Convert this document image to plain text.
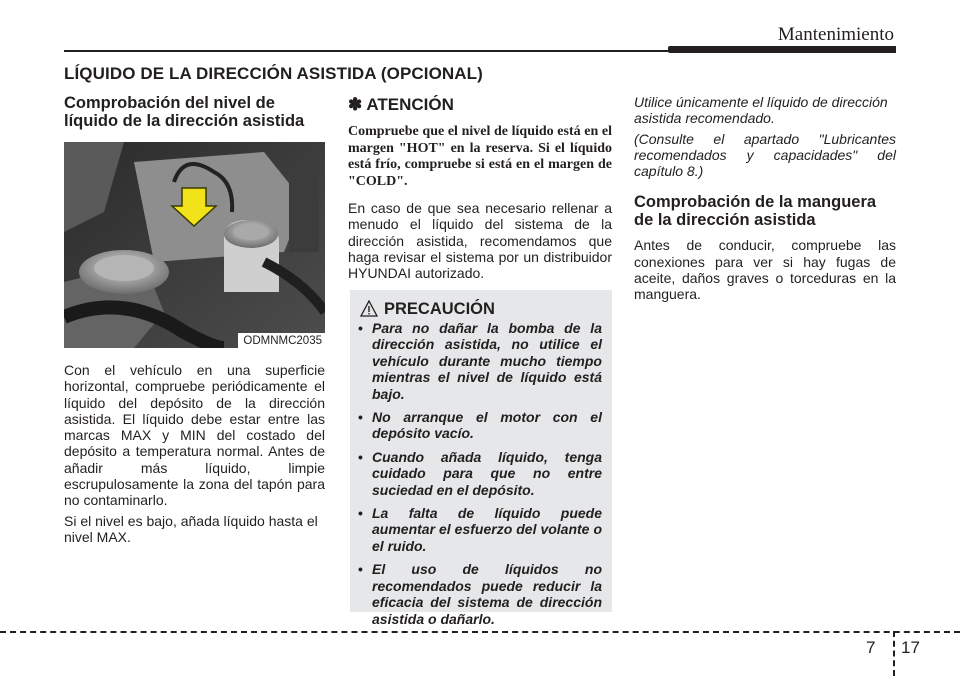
Mantenimiento
LÍQUIDO DE LA DIRECCIÓN ASISTIDA (OPCIONAL)

Comprobación del nivel de líquido de la dirección asistida

ODMNMC2035

Con el vehículo en una superficie horizontal, compruebe periódicamente el líquido del depósito de la dirección asistida. El líquido debe estar entre las marcas MAX y MIN del costado del depósito a temperatura normal. Antes de añadir más líquido, limpie escrupulosamente la zona del tapón para no contaminarlo.

Si el nivel es bajo, añada líquido hasta el nivel MAX.

✽ ATENCIÓN

Compruebe que el nivel de líquido está en el margen "HOT" en la reserva. Si el líquido está frío, compruebe si está en el margen de "COLD".

En caso de que sea necesario rellenar a menudo el líquido del sistema de la dirección asistida, recomendamos que haga revisar el sistema por un distribuidor HYUNDAI autorizado.

PRECAUCIÓN
• Para no dañar la bomba de la dirección asistida, no utilice el vehículo durante mucho tiempo mientras el nivel de líquido está bajo.
• No arranque el motor con el depósito vacío.
• Cuando añada líquido, tenga cuidado para que no entre suciedad en el depósito.
• La falta de líquido puede aumentar el esfuerzo del volante o el ruido.
• El uso de líquidos no recomendados puede reducir la eficacia del sistema de dirección asistida o dañarlo.

Utilice únicamente el líquido de dirección asistida recomendado.

(Consulte el apartado "Lubricantes recomendados y capacidades" del capítulo 8.)

Comprobación de la manguera de la dirección asistida

Antes de conducir, compruebe las conexiones para ver si hay fugas de aceite, daños graves o torceduras en la manguera.

7 17
